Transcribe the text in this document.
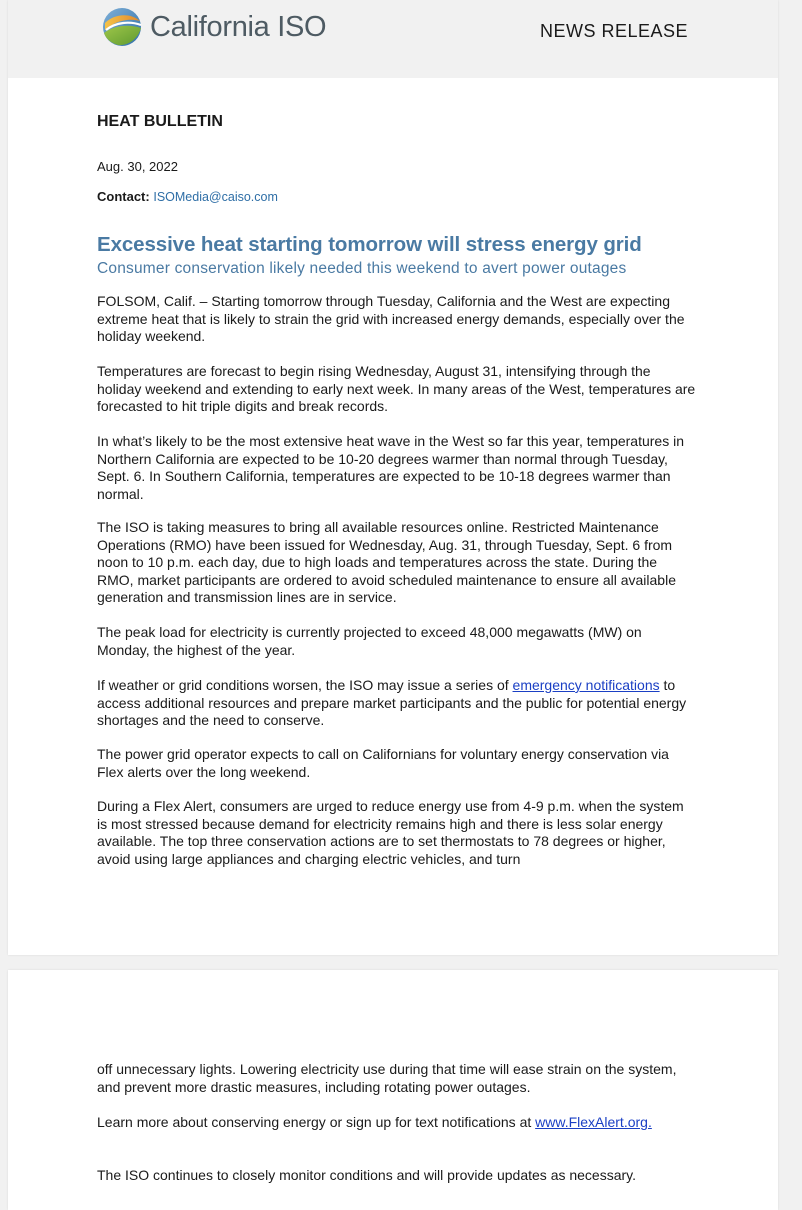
California ISO	NEWS RELEASE
HEAT BULLETIN
Aug. 30, 2022
Contact: ISOMedia@caiso.com
Excessive heat starting tomorrow will stress energy grid
Consumer conservation likely needed this weekend to avert power outages

FOLSOM, Calif. – Starting tomorrow through Tuesday, California and the West are expecting extreme heat that is likely to strain the grid with increased energy demands, especially over the holiday weekend.

Temperatures are forecast to begin rising Wednesday, August 31, intensifying through the holiday weekend and extending to early next week. In many areas of the West, temperatures are forecasted to hit triple digits and break records.

In what’s likely to be the most extensive heat wave in the West so far this year, temperatures in Northern California are expected to be 10-20 degrees warmer than normal through Tuesday, Sept. 6. In Southern California, temperatures are expected to be 10-18 degrees warmer than normal.

The ISO is taking measures to bring all available resources online. Restricted Maintenance Operations (RMO) have been issued for Wednesday, Aug. 31, through Tuesday, Sept. 6 from noon to 10 p.m. each day, due to high loads and temperatures across the state. During the RMO, market participants are ordered to avoid scheduled maintenance to ensure all available generation and transmission lines are in service.

The peak load for electricity is currently projected to exceed 48,000 megawatts (MW) on Monday, the highest of the year.

If weather or grid conditions worsen, the ISO may issue a series of emergency notifications to access additional resources and prepare market participants and the public for potential energy shortages and the need to conserve.

The power grid operator expects to call on Californians for voluntary energy conservation via Flex alerts over the long weekend.

During a Flex Alert, consumers are urged to reduce energy use from 4-9 p.m. when the system is most stressed because demand for electricity remains high and there is less solar energy available. The top three conservation actions are to set thermostats to 78 degrees or higher, avoid using large appliances and charging electric vehicles, and turn

off unnecessary lights. Lowering electricity use during that time will ease strain on the system, and prevent more drastic measures, including rotating power outages.

Learn more about conserving energy or sign up for text notifications at www.FlexAlert.org.

The ISO continues to closely monitor conditions and will provide updates as necessary.
